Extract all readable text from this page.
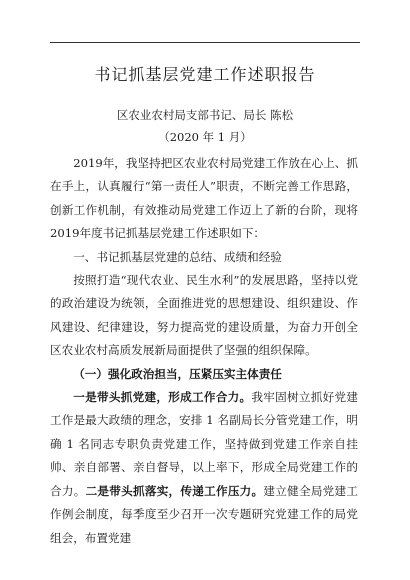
书记抓基层党建工作述职报告
区农业农村局支部书记、局长 陈松
（2020 年 1 月）

2019年，我坚持把区农业农村局党建工作放在心上、抓在手上，认真履行“第一责任人”职责，不断完善工作思路，创新工作机制，有效推动局党建工作迈上了新的台阶，现将2019年度书记抓基层党建工作述职如下：

一、书记抓基层党建的总结、成绩和经验

按照打造“现代农业、民生水利”的发展思路，坚持以党的政治建设为统领，全面推进党的思想建设、组织建设、作风建设、纪律建设，努力提高党的建设质量，为奋力开创全区农业农村高质发展新局面提供了坚强的组织保障。

（一）强化政治担当，压紧压实主体责任

一是带头抓党建，形成工作合力。我牢固树立抓好党建工作是最大政绩的理念，安排 1 名副局长分管党建工作，明确 1 名同志专职负责党建工作，坚持做到党建工作亲自挂帅、亲自部署、亲自督导，以上率下，形成全局党建工作的合力。二是带头抓落实，传递工作压力。建立健全局党建工作例会制度，每季度至少召开一次专题研究党建工作的局党组会，布置党建
